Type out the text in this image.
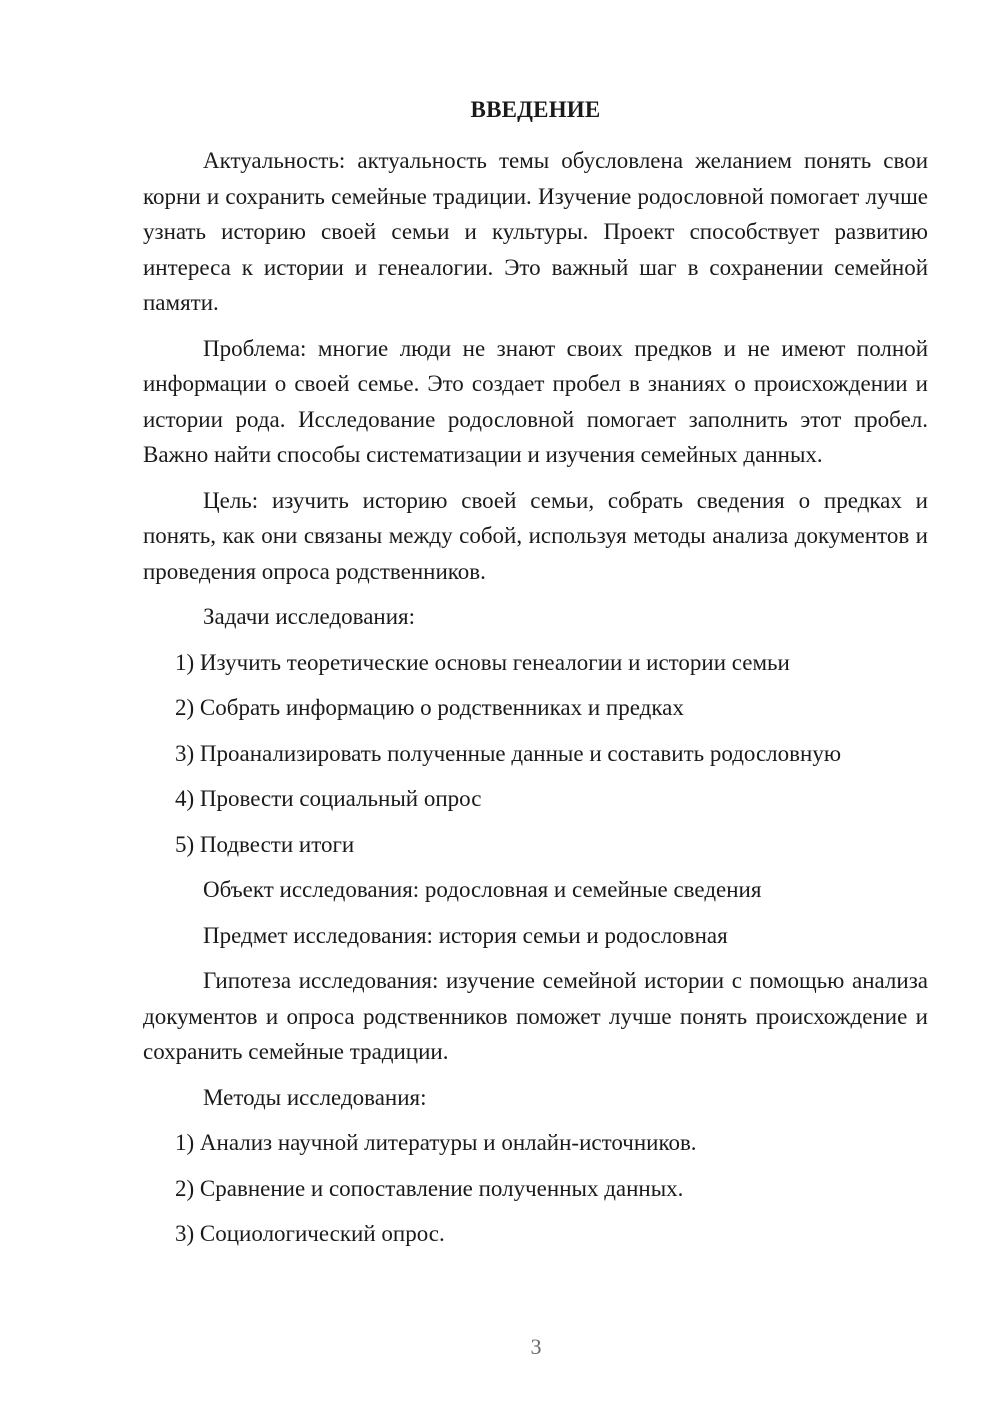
ВВЕДЕНИЕ

Актуальность: актуальность темы обусловлена желанием понять свои корни и сохранить семейные традиции. Изучение родословной помогает лучше узнать историю своей семьи и культуры. Проект способствует развитию интереса к истории и генеалогии. Это важный шаг в сохранении семейной памяти.

Проблема: многие люди не знают своих предков и не имеют полной информации о своей семье. Это создает пробел в знаниях о происхождении и истории рода. Исследование родословной помогает заполнить этот пробел. Важно найти способы систематизации и изучения семейных данных.

Цель: изучить историю своей семьи, собрать сведения о предках и понять, как они связаны между собой, используя методы анализа документов и проведения опроса родственников.

Задачи исследования:
1) Изучить теоретические основы генеалогии и истории семьи
2) Собрать информацию о родственниках и предках
3) Проанализировать полученные данные и составить родословную
4) Провести социальный опрос
5) Подвести итоги
Объект исследования: родословная и семейные сведения
Предмет исследования: история семьи и родословная

Гипотеза исследования: изучение семейной истории с помощью анализа документов и опроса родственников поможет лучше понять происхождение и сохранить семейные традиции.

Методы исследования:
1) Анализ научной литературы и онлайн-источников.
2) Сравнение и сопоставление полученных данных.
3) Социологический опрос.
3
